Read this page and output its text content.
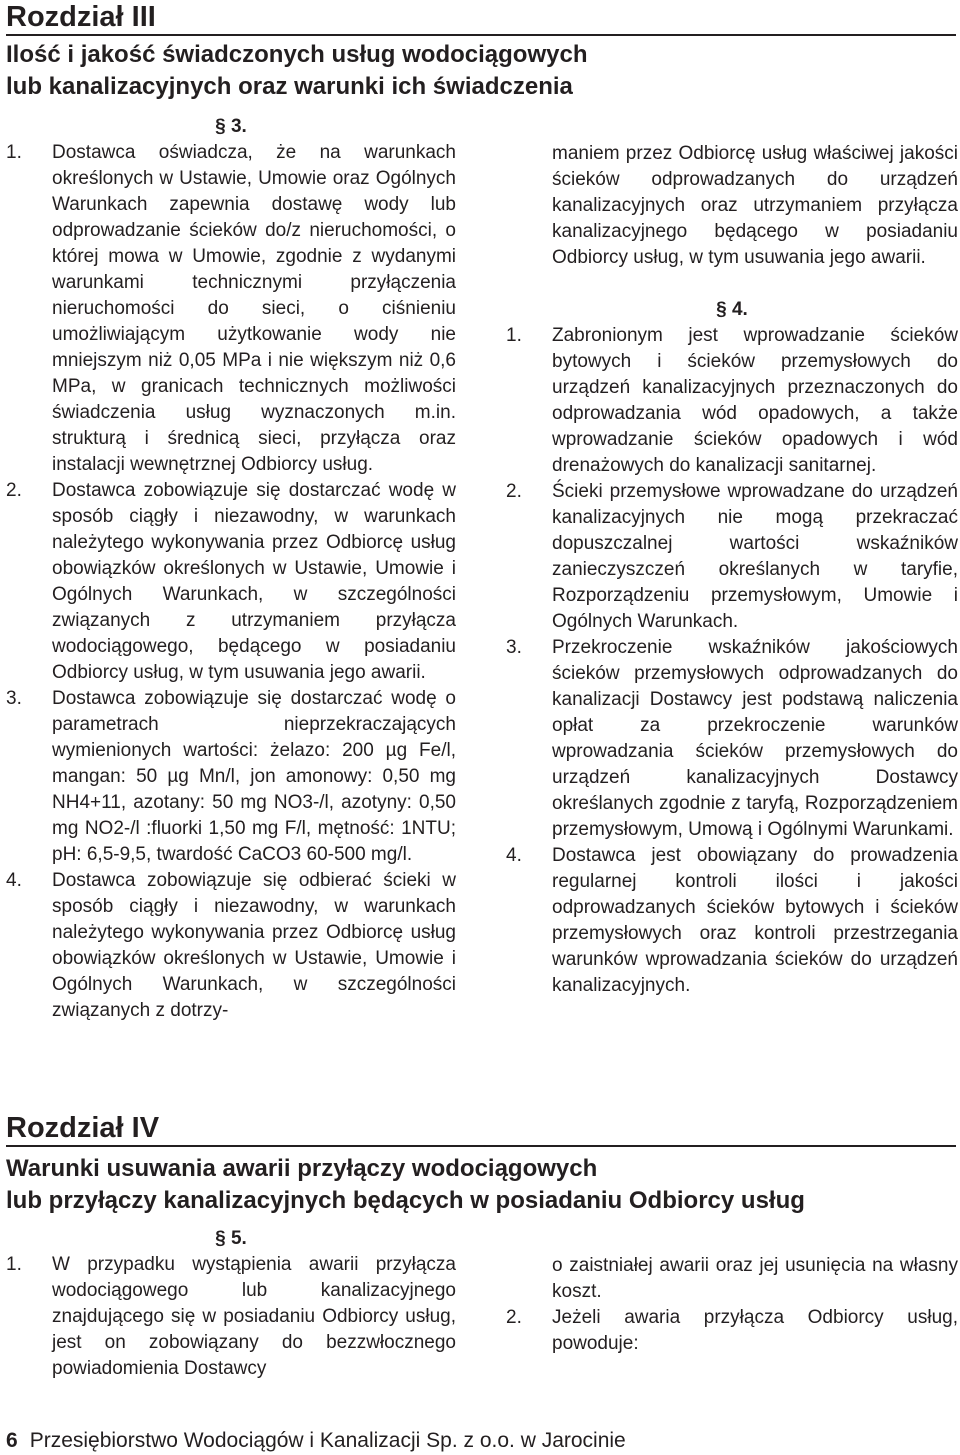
Rozdział III
Ilość i jakość świadczonych usług wodociągowych
lub kanalizacyjnych oraz warunki ich świadczenia
§ 3.
1. Dostawca oświadcza, że na warunkach określonych w Ustawie, Umowie oraz Ogólnych Warunkach zapewnia dostawę wody lub odprowadzanie ścieków do/z nieruchomości, o której mowa w Umowie, zgodnie z wydanymi warunkami technicznymi przyłączenia nieruchomości do sieci, o ciśnieniu umożliwiającym użytkowanie wody nie mniejszym niż 0,05 MPa i nie większym niż 0,6 MPa, w granicach technicznych możliwości świadczenia usług wyznaczonych m.in. strukturą i średnicą sieci, przyłącza oraz instalacji wewnętrznej Odbiorcy usług.
2. Dostawca zobowiązuje się dostarczać wodę w sposób ciągły i niezawodny, w warunkach należytego wykonywania przez Odbiorcę usług obowiązków określonych w Ustawie, Umowie i Ogólnych Warunkach, w szczególności związanych z utrzymaniem przyłącza wodociągowego, będącego w posiadaniu Odbiorcy usług, w tym usuwania jego awarii.
3. Dostawca zobowiązuje się dostarczać wodę o parametrach nieprzekraczających wymienionych wartości: żelazo: 200 µg Fe/l, mangan: 50 µg Mn/l, jon amonowy: 0,50 mg NH4+11, azotany: 50 mg NO3-/l, azotyny: 0,50 mg NO2-/l :fluorki 1,50 mg F/l, mętność: 1NTU; pH: 6,5-9,5, twardość CaCO3 60-500 mg/l.
4. Dostawca zobowiązuje się odbierać ścieki w sposób ciągły i niezawodny, w warunkach należytego wykonywania przez Odbiorcę usług obowiązków określonych w Ustawie, Umowie i Ogólnych Warunkach, w szczególności związanych z dotrzy-
maniem przez Odbiorcę usług właściwej jakości ścieków odprowadzanych do urządzeń kanalizacyjnych oraz utrzymaniem przyłącza kanalizacyjnego będącego w posiadaniu Odbiorcy usług, w tym usuwania jego awarii.
§ 4.
1. Zabronionym jest wprowadzanie ścieków bytowych i ścieków przemysłowych do urządzeń kanalizacyjnych przeznaczonych do odprowadzania wód opadowych, a także wprowadzanie ścieków opadowych i wód drenażowych do kanalizacji sanitarnej.
2. Ścieki przemysłowe wprowadzane do urządzeń kanalizacyjnych nie mogą przekraczać dopuszczalnej wartości wskaźników zanieczyszczeń określanych w taryfie, Rozporządzeniu przemysłowym, Umowie i Ogólnych Warunkach.
3. Przekroczenie wskaźników jakościowych ścieków przemysłowych odprowadzanych do kanalizacji Dostawcy jest podstawą naliczenia opłat za przekroczenie warunków wprowadzania ścieków przemysłowych do urządzeń kanalizacyjnych Dostawcy określanych zgodnie z taryfą, Rozporządzeniem przemysłowym, Umową i Ogólnymi Warunkami.
4. Dostawca jest obowiązany do prowadzenia regularnej kontroli ilości i jakości odprowadzanych ścieków bytowych i ścieków przemysłowych oraz kontroli przestrzegania warunków wprowadzania ścieków do urządzeń kanalizacyjnych.
Rozdział IV
Warunki usuwania awarii przyłączy wodociągowych
lub przyłączy kanalizacyjnych będących w posiadaniu Odbiorcy usług
§ 5.
1. W przypadku wystąpienia awarii przyłącza wodociągowego lub kanalizacyjnego znajdującego się w posiadaniu Odbiorcy usług, jest on zobowiązany do bezzwłocznego powiadomienia Dostawcy
o zaistniałej awarii oraz jej usunięcia na własny koszt.
2. Jeżeli awaria przyłącza Odbiorcy usług, powoduje:
6 Przesiębiorstwo Wodociągów i Kanalizacji Sp. z o.o. w Jarocinie
